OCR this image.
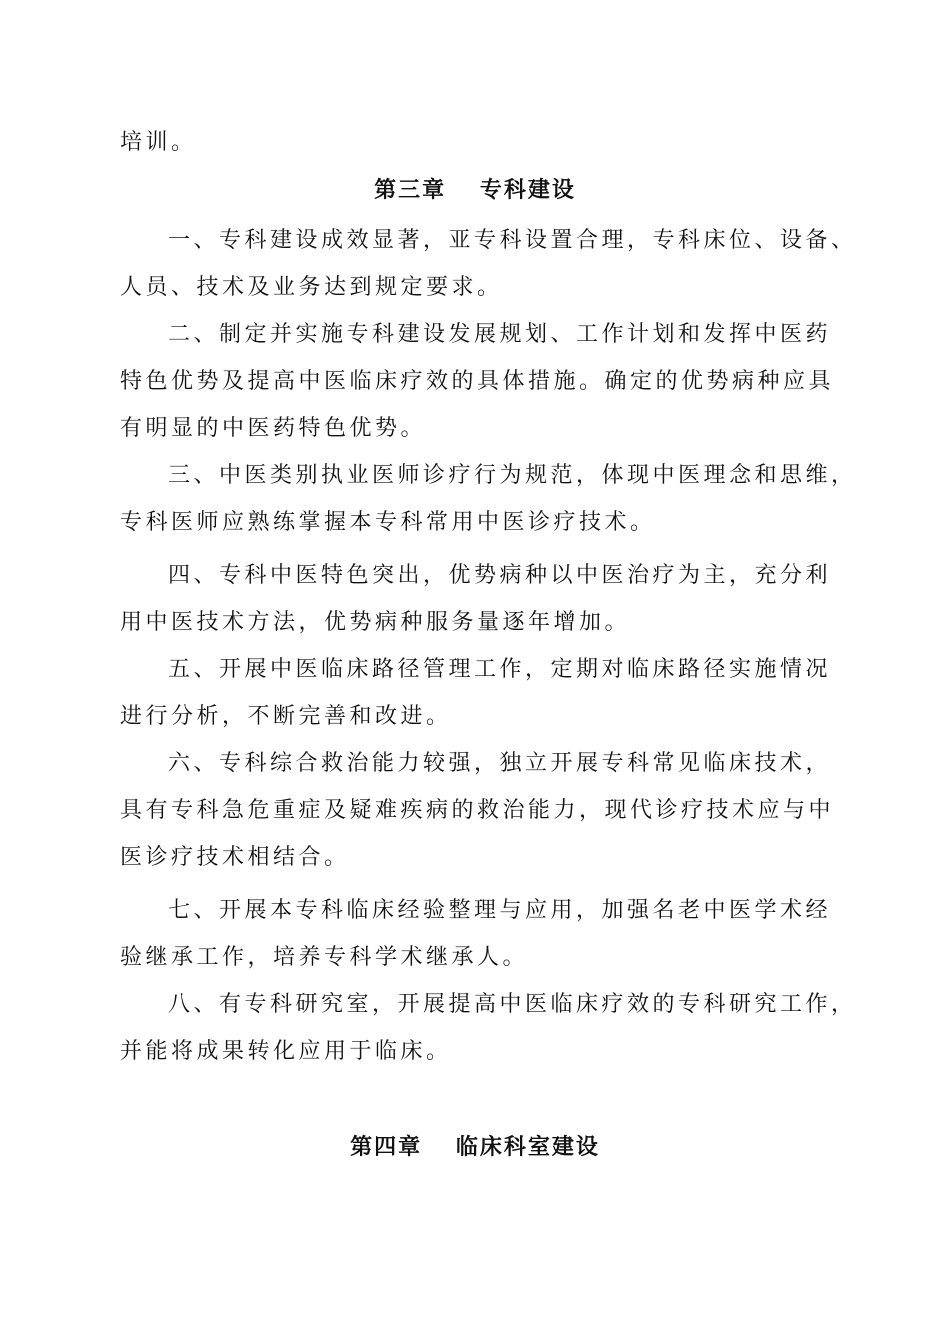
培训。
第三章　 专科建设
一、专科建设成效显著，亚专科设置合理，专科床位、设备、
人员、技术及业务达到规定要求。
二、制定并实施专科建设发展规划、工作计划和发挥中医药
特色优势及提高中医临床疗效的具体措施。确定的优势病种应具
有明显的中医药特色优势。
三、中医类别执业医师诊疗行为规范，体现中医理念和思维，
专科医师应熟练掌握本专科常用中医诊疗技术。
四、专科中医特色突出，优势病种以中医治疗为主，充分利
用中医技术方法，优势病种服务量逐年增加。
五、开展中医临床路径管理工作，定期对临床路径实施情况
进行分析，不断完善和改进。
六、专科综合救治能力较强，独立开展专科常见临床技术，
具有专科急危重症及疑难疾病的救治能力，现代诊疗技术应与中
医诊疗技术相结合。
七、开展本专科临床经验整理与应用，加强名老中医学术经
验继承工作，培养专科学术继承人。
八、有专科研究室，开展提高中医临床疗效的专科研究工作，
并能将成果转化应用于临床。
第四章　 临床科室建设
